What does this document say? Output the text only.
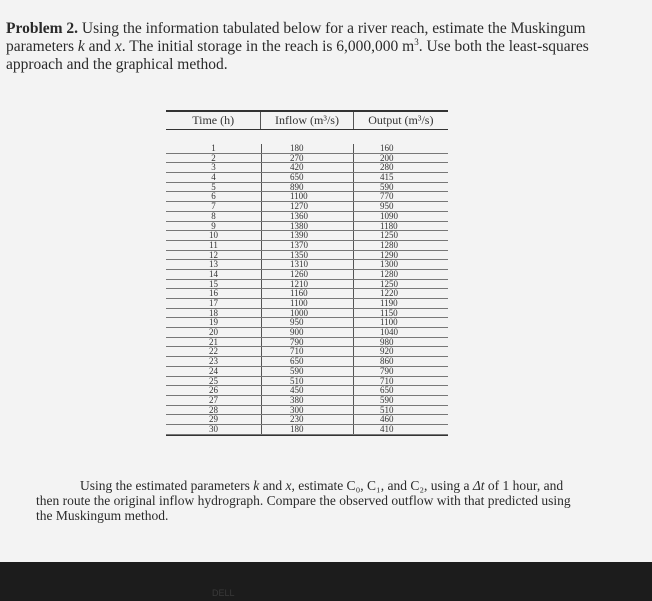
Problem 2. Using the information tabulated below for a river reach, estimate the Muskingum parameters k and x. The initial storage in the reach is 6,000,000 $m^3$. Use both the least-squares approach and the graphical method.
Time (h)	Inflow (m³/s)	Output (m³/s)
1	180	160
2	270	200
3	420	280
4	650	415
5	890	590
6	1100	770
7	1270	950
8	1360	1090
9	1380	1180
10	1390	1250
11	1370	1280
12	1350	1290
13	1310	1300
14	1260	1280
15	1210	1250
16	1160	1220
17	1100	1190
18	1000	1150
19	950	1100
20	900	1040
21	790	980
22	710	920
23	650	860
24	590	790
25	510	710
26	450	650
27	380	590
28	300	510
29	230	460
30	180	410
Using the estimated parameters k and x, estimate C₀, C₁, and C₂, using a Δt of 1 hour, and then route the original inflow hydrograph. Compare the observed outflow with that predicted using the Muskingum method.
DELL
